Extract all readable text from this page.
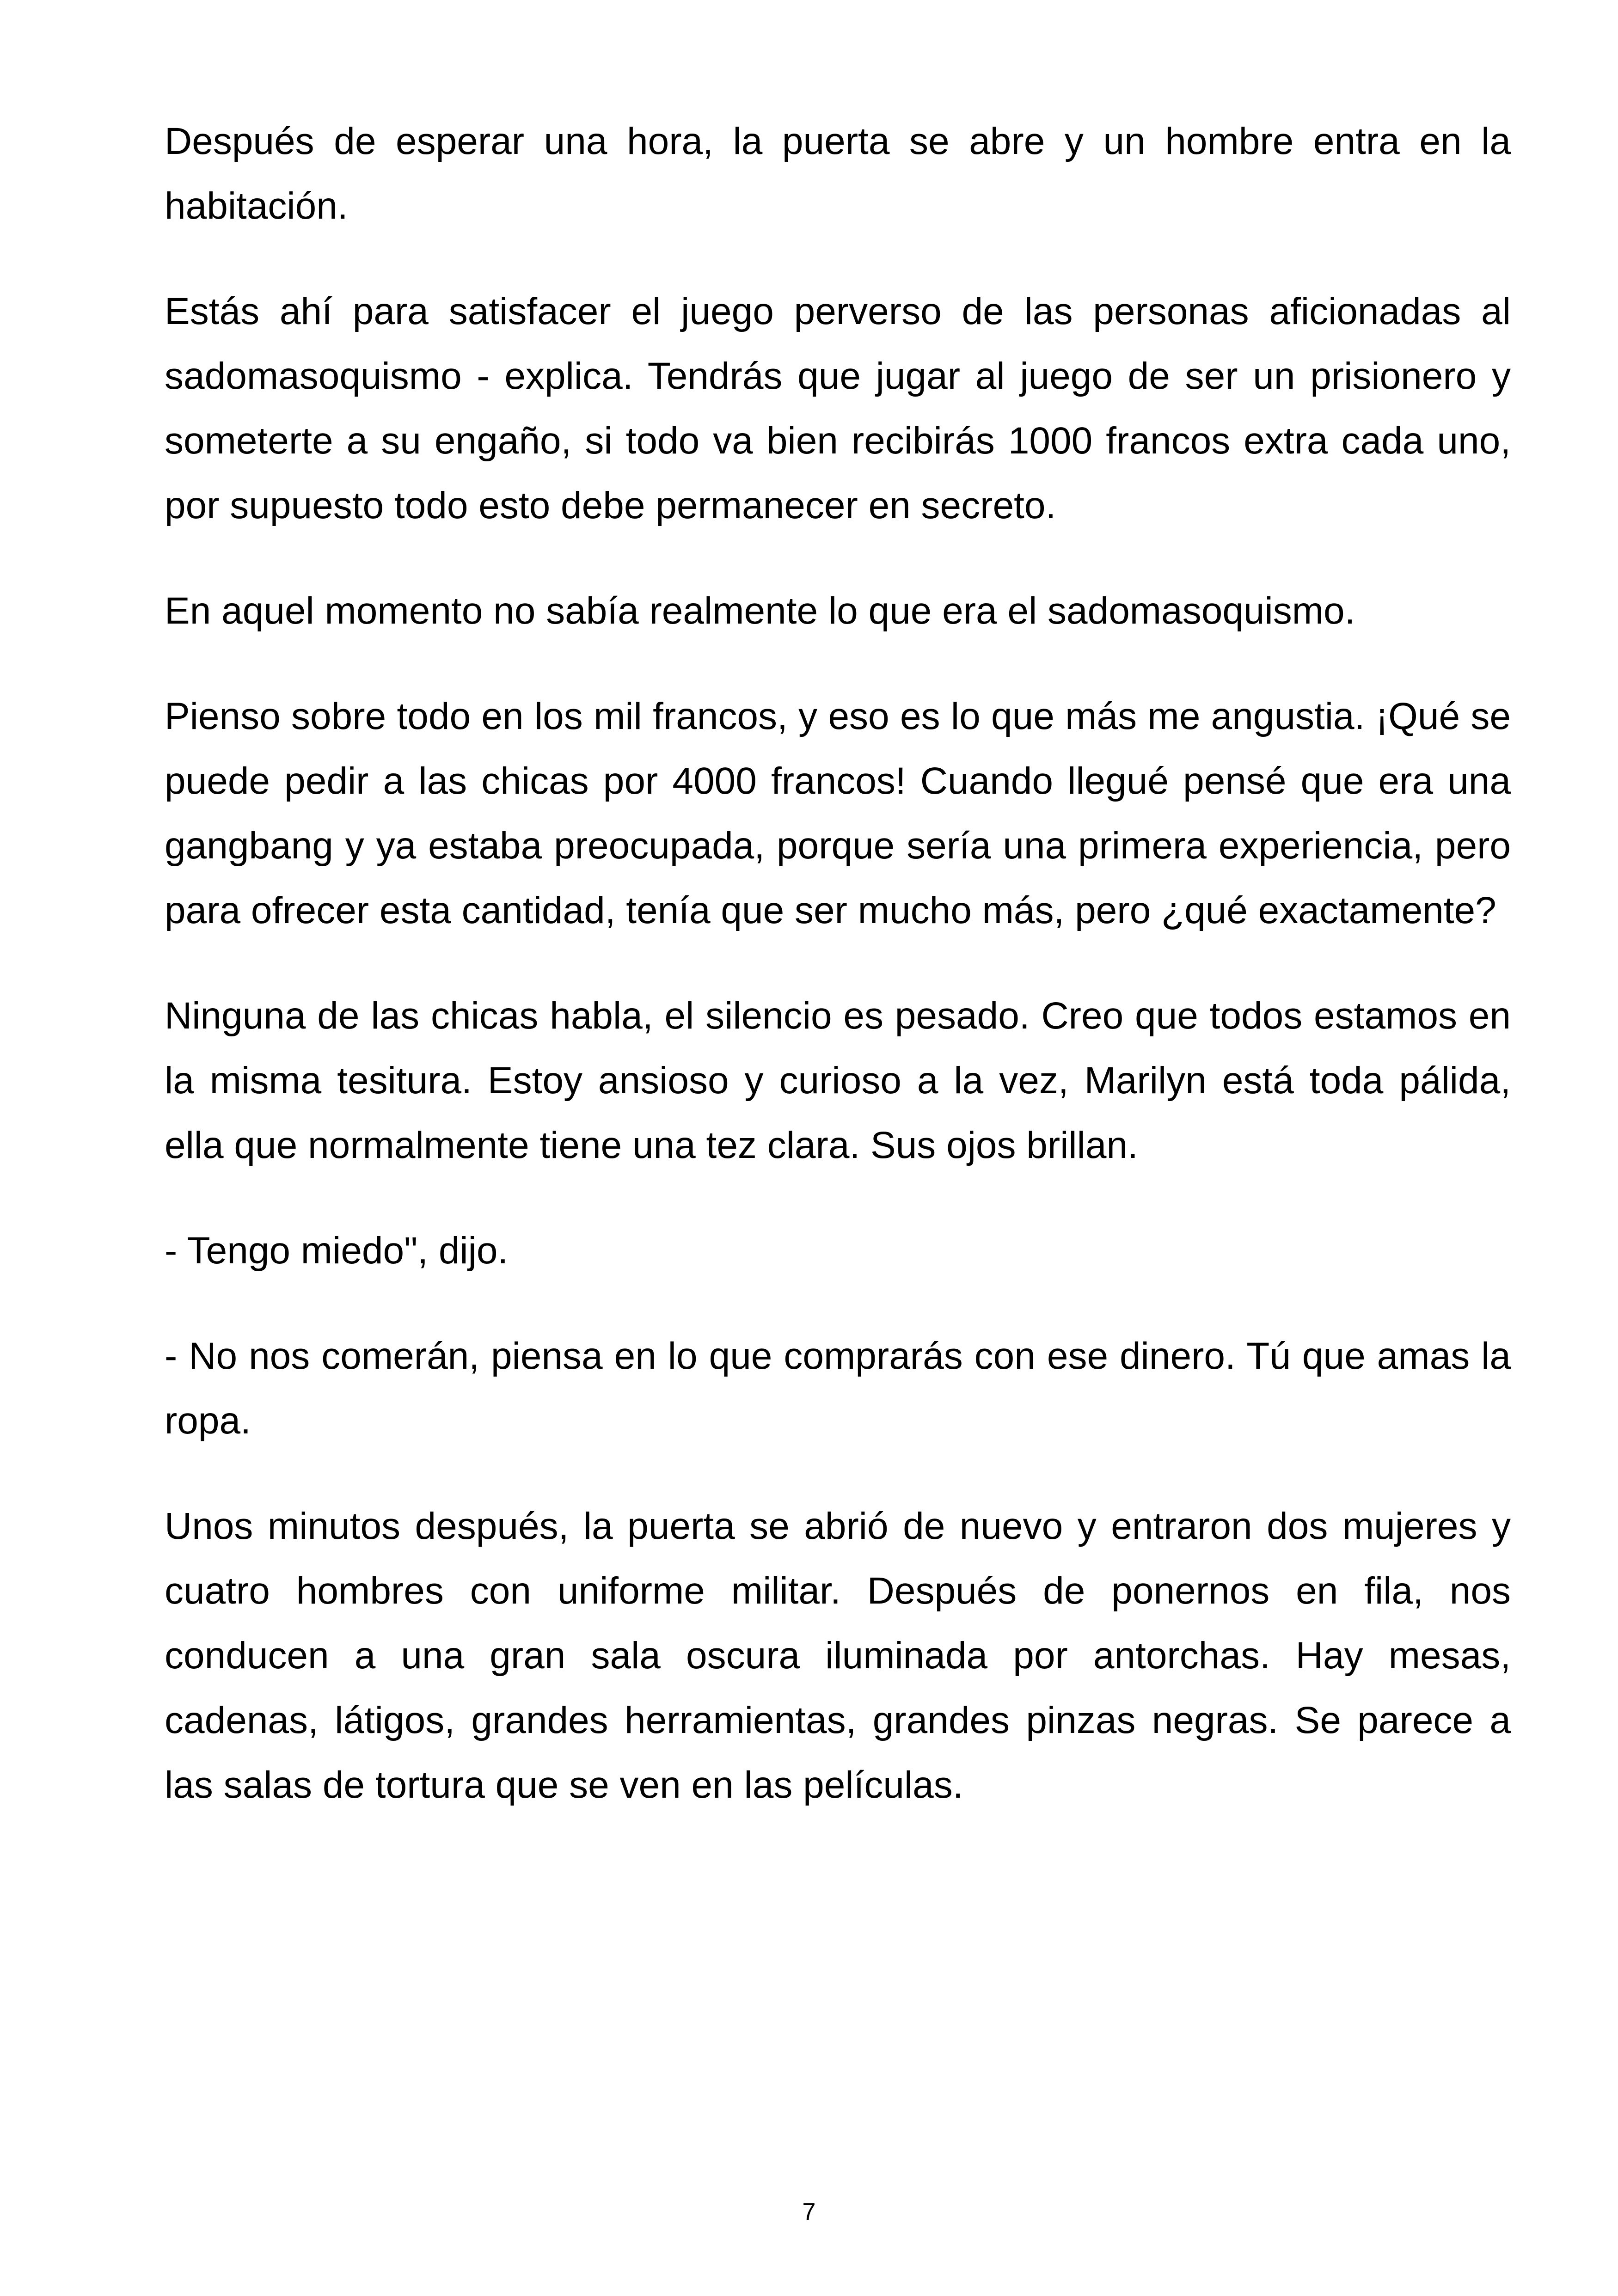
Después de esperar una hora, la puerta se abre y un hombre entra en la habitación.

Estás ahí para satisfacer el juego perverso de las personas aficionadas al sadomasoquismo - explica. Tendrás que jugar al juego de ser un prisionero y someterte a su engaño, si todo va bien recibirás 1000 francos extra cada uno, por supuesto todo esto debe permanecer en secreto.

En aquel momento no sabía realmente lo que era el sadomasoquismo.

Pienso sobre todo en los mil francos, y eso es lo que más me angustia. ¡Qué se puede pedir a las chicas por 4000 francos! Cuando llegué pensé que era una gangbang y ya estaba preocupada, porque sería una primera experiencia, pero para ofrecer esta cantidad, tenía que ser mucho más, pero ¿qué exactamente?

Ninguna de las chicas habla, el silencio es pesado. Creo que todos estamos en la misma tesitura. Estoy ansioso y curioso a la vez, Marilyn está toda pálida, ella que normalmente tiene una tez clara. Sus ojos brillan.

- Tengo miedo", dijo.

- No nos comerán, piensa en lo que comprarás con ese dinero. Tú que amas la ropa.

Unos minutos después, la puerta se abrió de nuevo y entraron dos mujeres y cuatro hombres con uniforme militar. Después de ponernos en fila, nos conducen a una gran sala oscura iluminada por antorchas. Hay mesas, cadenas, látigos, grandes herramientas, grandes pinzas negras. Se parece a las salas de tortura que se ven en las películas.

7
